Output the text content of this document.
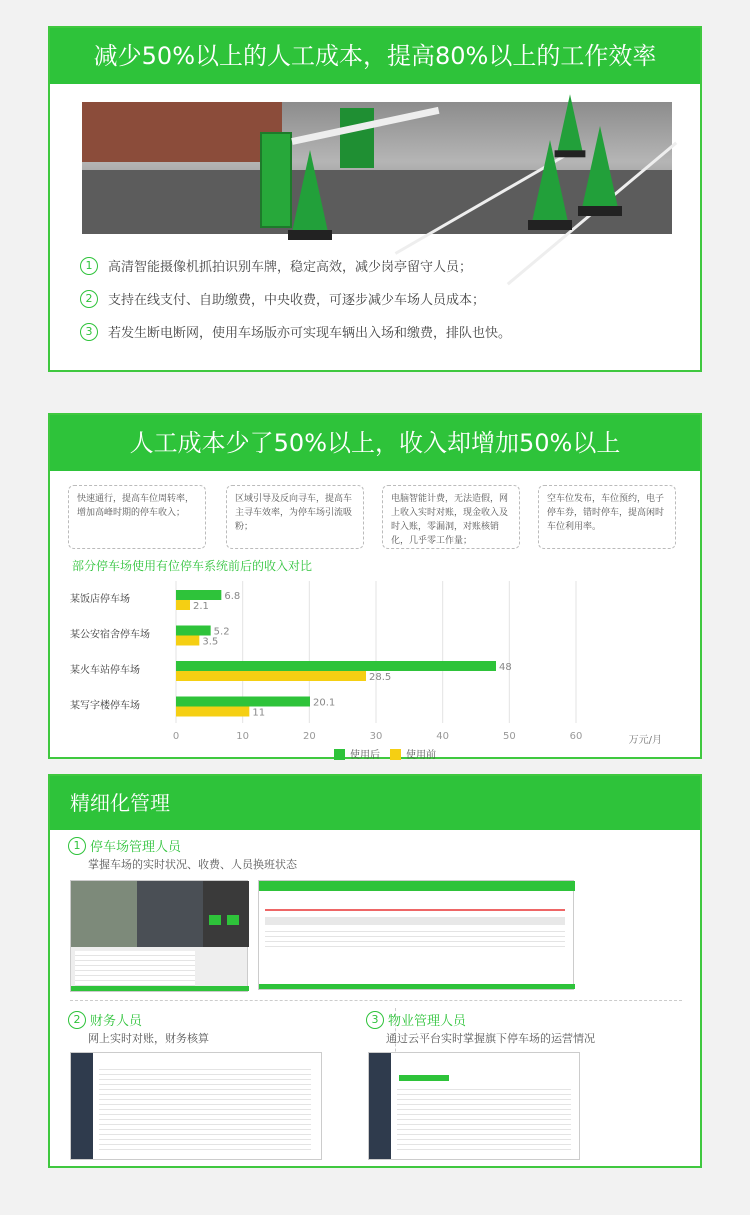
减少50%以上的人工成本，提高80%以上的工作效率
1	高清智能摄像机抓拍识别车牌，稳定高效，减少岗亭留守人员；
2	支持在线支付、自助缴费，中央收费，可逐步减少车场人员成本；
3	若发生断电断网，使用车场版亦可实现车辆出入场和缴费，排队也快。
人工成本少了50%以上，收入却增加50%以上
快速通行，提高车位周转率，增加高峰时期的停车收入；
区域引导及反向寻车，提高车主寻车效率，为停车场引流吸粉；
电脑智能计费，无法造假，网上收入实时对账，现金收入及时入账，零漏洞，对账核销化，几乎零工作量；
空车位发布，车位预约，电子停车券，错时停车，提高闲时车位利用率。
部分停车场使用有位停车系统前后的收入对比
0	10	20	30	40	50	60	万元/月
某饭店停车场	6.8
2.1
某公安宿舍停车场	5.2
3.5
某火车站停车场	48
28.5
某写字楼停车场	20.1
11
使用后	使用前
精细化管理
1 停车场管理人员
掌握车场的实时状况、收费、人员换班状态
2 财务人员
网上实时对账，财务核算
3 物业管理人员
通过云平台实时掌握旗下停车场的运营情况
